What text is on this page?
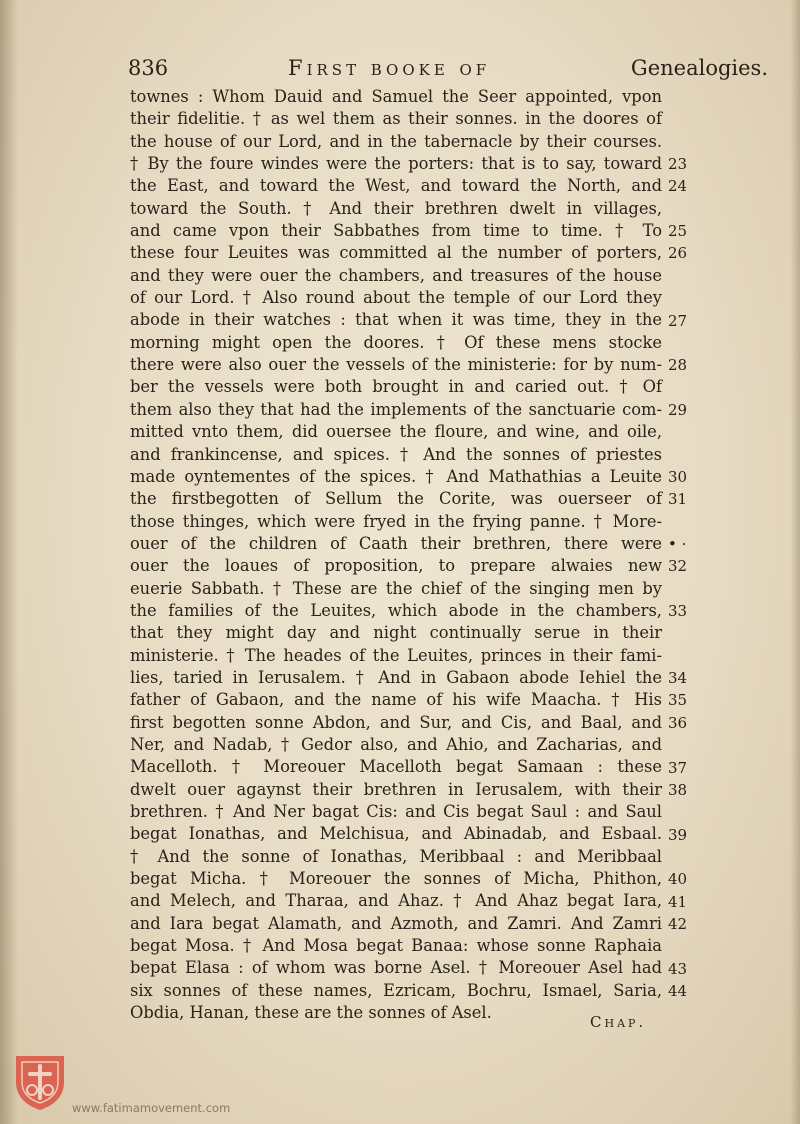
836	First booke of	Genealogies.
townes : Whom Dauid and Samuel the Seer appointed, vpon
their fidelitie. † as wel them as their sonnes. in the doores of
the house of our Lord, and in the tabernacle by their courses.
† By the foure windes were the porters: that is to say, toward
the East, and toward the West, and toward the North, and
toward the South. † And their brethren dwelt in villages,
and came vpon their Sabbathes from time to time. † To
these four Leuites was committed al the number of porters,
and they were ouer the chambers, and treasures of the house
of our Lord. † Also round about the temple of our Lord they
abode in their watches : that when it was time, they in the
morning might open the doores. † Of these mens stocke
there were also ouer the vessels of the ministerie: for by num-
ber the vessels were both brought in and caried out. † Of
them also they that had the implements of the sanctuarie com-
mitted vnto them, did ouersee the floure, and wine, and oile,
and frankincense, and spices. † And the sonnes of priestes
made oyntementes of the spices. † And Mathathias a Leuite
the firstbegotten of Sellum the Corite, was ouerseer of
those thinges, which were fryed in the frying panne. † More-
ouer of the children of Caath their brethren, there were
ouer the loaues of proposition, to prepare alwaies new
euerie Sabbath. † These are the chief of the singing men by
the families of the Leuites, which abode in the chambers,
that they might day and night continually serue in their
ministerie. † The heades of the Leuites, princes in their fami-
lies, taried in Ierusalem. † And in Gabaon abode Iehiel the
father of Gabaon, and the name of his wife Maacha. † His
first begotten sonne Abdon, and Sur, and Cis, and Baal, and
Ner, and Nadab, † Gedor also, and Ahio, and Zacharias, and
Macelloth. † Moreouer Macelloth begat Samaan : these
dwelt ouer agaynst their brethren in Ierusalem, with their
brethren. † And Ner bagat Cis: and Cis begat Saul : and Saul
begat Ionathas, and Melchisua, and Abinadab, and Esbaal.
† And the sonne of Ionathas, Meribbaal : and Meribbaal
begat Micha. † Moreouer the sonnes of Micha, Phithon,
and Melech, and Tharaa, and Ahaz. † And Ahaz begat Iara,
and Iara begat Alamath, and Azmoth, and Zamri. And Zamri
begat Mosa. † And Mosa begat Banaa: whose sonne Raphaia
bepat Elasa : of whom was borne Asel. † Moreouer Asel had
six sonnes of these names, Ezricam, Bochru, Ismael, Saria,
Obdia, Hanan, these are the sonnes of Asel.
23
24
25
26
27
28
29
30
31
• ·
32
33
34
35
36
37
38
39
40
41
42
43
44
Chap.
www.fatimamovement.com
